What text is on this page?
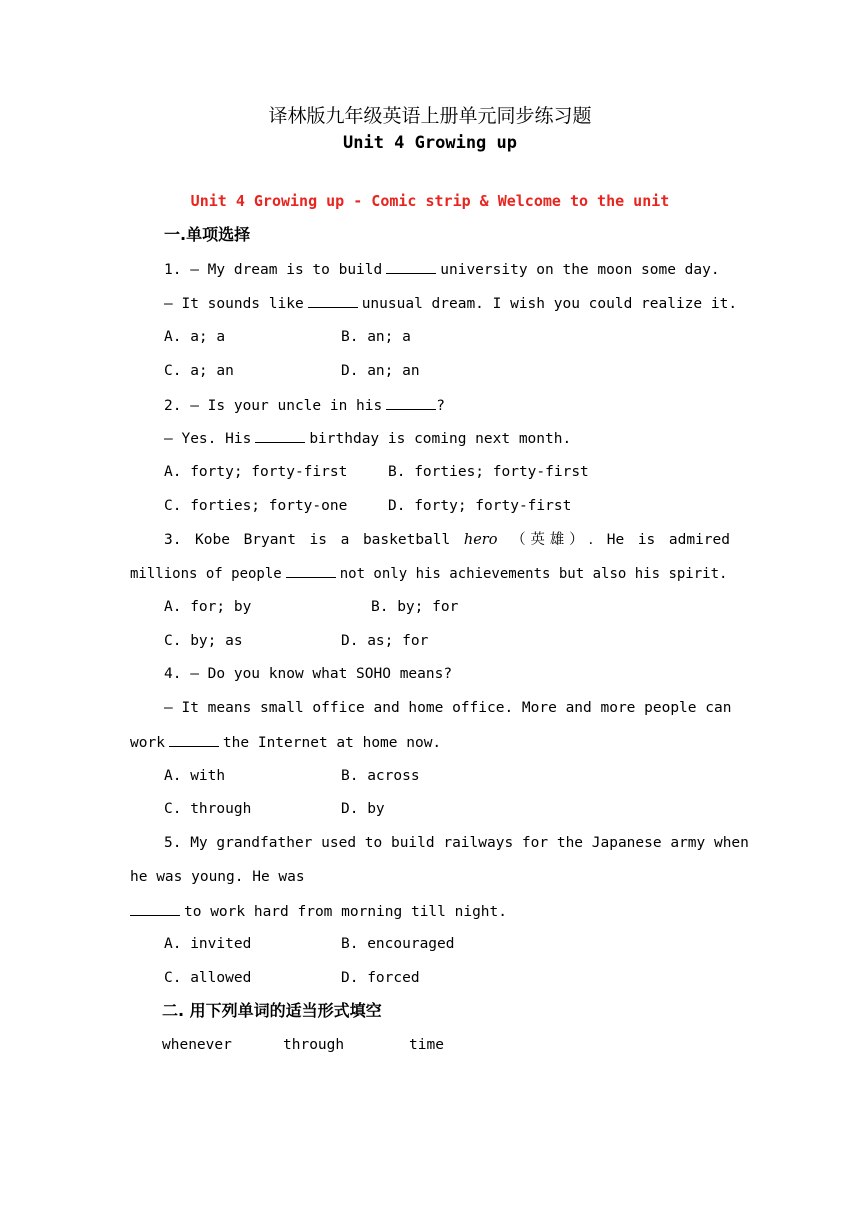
译林版九年级英语上册单元同步练习题
Unit 4 Growing up
Unit 4 Growing up - Comic strip & Welcome to the unit
一.单项选择
1. — My dream is to build	university on the moon some day.
— It sounds like	unusual dream. I wish you could realize it.
A. a; a	B. an; a
C. a; an	D. an; an
2. — Is your uncle in his	?
— Yes. His	birthday is coming next month.
A. forty; forty-first	B. forties; forty-first
C. forties; forty-one	D. forty; forty-first
3. Kobe Bryant is a basketball hero （英雄）. He is admired
millions of people	not only his achievements but also his spirit.
A. for; by	B. by; for
C. by; as	D. as; for
4. — Do you know what SOHO means?
— It means small office and home office. More and more people can
work	the Internet at home now.
A. with	B. across
C. through	D. by
5. My grandfather used to build railways for the Japanese army when
he was young. He was
to work hard from morning till night.
A. invited	B. encouraged
C. allowed	D. forced
二. 用下列单词的适当形式填空
whenever	through	time
